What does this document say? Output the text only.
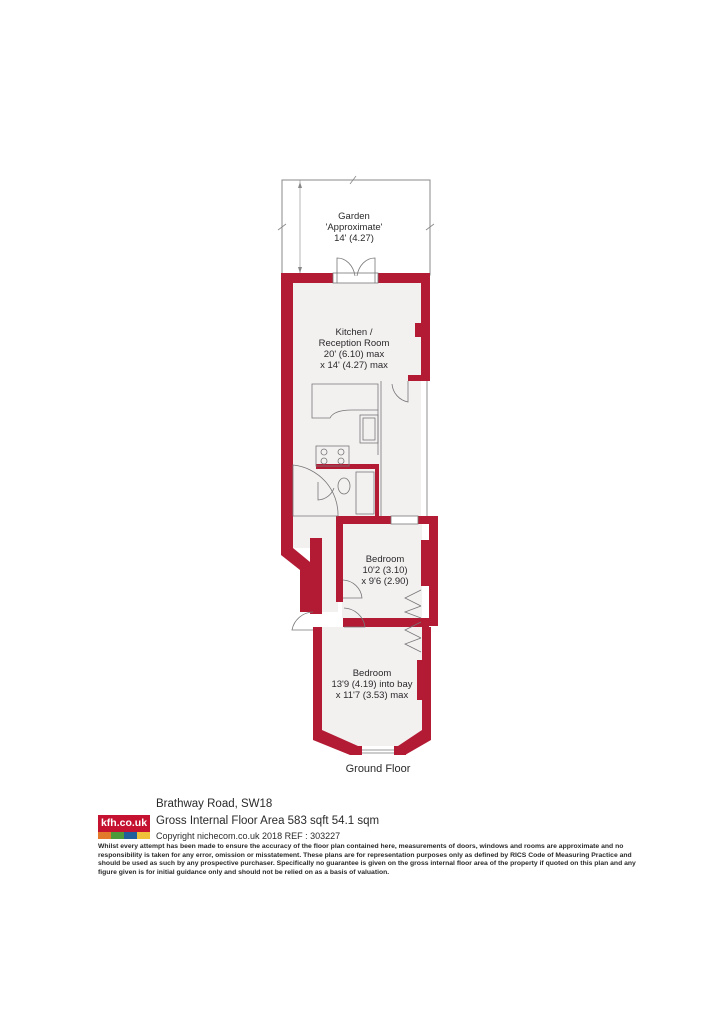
Garden
'Approximate'
14' (4.27)
Kitchen /
Reception Room
20' (6.10) max
x 14' (4.27) max
Bedroom
10'2 (3.10)
x 9'6 (2.90)
Bedroom
13'9 (4.19) into bay
x 11'7 (3.53) max
Ground Floor
kfh.co.uk
Brathway Road, SW18
Gross Internal Floor Area 583 sqft 54.1 sqm
Copyright nichecom.co.uk 2018 REF : 303227
Whilst every attempt has been made to ensure the accuracy of the floor plan contained here, measurements of doors, windows and rooms are approximate and no responsibility is taken for any error, omission or misstatement. These plans are for representation purposes only as defined by RICS Code of Measuring Practice and should be used as such by any prospective purchaser. Specifically no guarantee is given on the gross internal floor area of the property if quoted on this plan and any figure given is for initial guidance only and should not be relied on as a basis of valuation.
